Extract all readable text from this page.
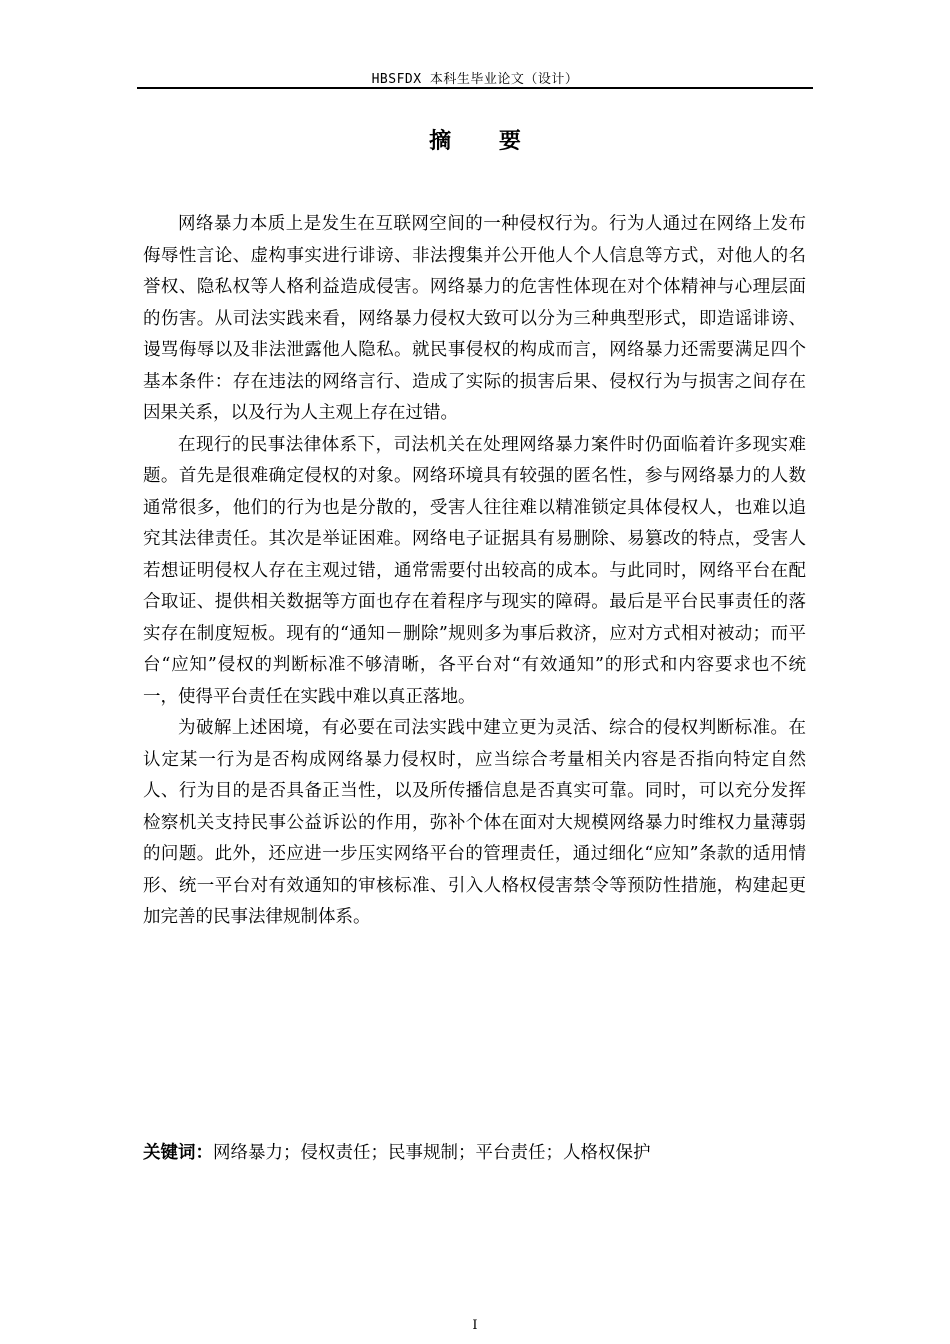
HBSFDX 本科生毕业论文（设计）
摘 要

网络暴力本质上是发生在互联网空间的一种侵权行为。行为人通过在网络上发布侮辱性言论、虚构事实进行诽谤、非法搜集并公开他人个人信息等方式，对他人的名誉权、隐私权等人格利益造成侵害。网络暴力的危害性体现在对个体精神与心理层面的伤害。从司法实践来看，网络暴力侵权大致可以分为三种典型形式，即造谣诽谤、谩骂侮辱以及非法泄露他人隐私。就民事侵权的构成而言，网络暴力还需要满足四个基本条件：存在违法的网络言行、造成了实际的损害后果、侵权行为与损害之间存在因果关系，以及行为人主观上存在过错。

在现行的民事法律体系下，司法机关在处理网络暴力案件时仍面临着许多现实难题。首先是很难确定侵权的对象。网络环境具有较强的匿名性，参与网络暴力的人数通常很多，他们的行为也是分散的，受害人往往难以精准锁定具体侵权人，也难以追究其法律责任。其次是举证困难。网络电子证据具有易删除、易篡改的特点，受害人若想证明侵权人存在主观过错，通常需要付出较高的成本。与此同时，网络平台在配合取证、提供相关数据等方面也存在着程序与现实的障碍。最后是平台民事责任的落实存在制度短板。现有的“通知－删除”规则多为事后救济，应对方式相对被动；而平台“应知”侵权的判断标准不够清晰，各平台对“有效通知”的形式和内容要求也不统一，使得平台责任在实践中难以真正落地。

为破解上述困境，有必要在司法实践中建立更为灵活、综合的侵权判断标准。在认定某一行为是否构成网络暴力侵权时，应当综合考量相关内容是否指向特定自然人、行为目的是否具备正当性，以及所传播信息是否真实可靠。同时，可以充分发挥检察机关支持民事公益诉讼的作用，弥补个体在面对大规模网络暴力时维权力量薄弱的问题。此外，还应进一步压实网络平台的管理责任，通过细化“应知”条款的适用情形、统一平台对有效通知的审核标准、引入人格权侵害禁令等预防性措施，构建起更加完善的民事法律规制体系。

关键词：网络暴力；侵权责任；民事规制；平台责任；人格权保护
I
